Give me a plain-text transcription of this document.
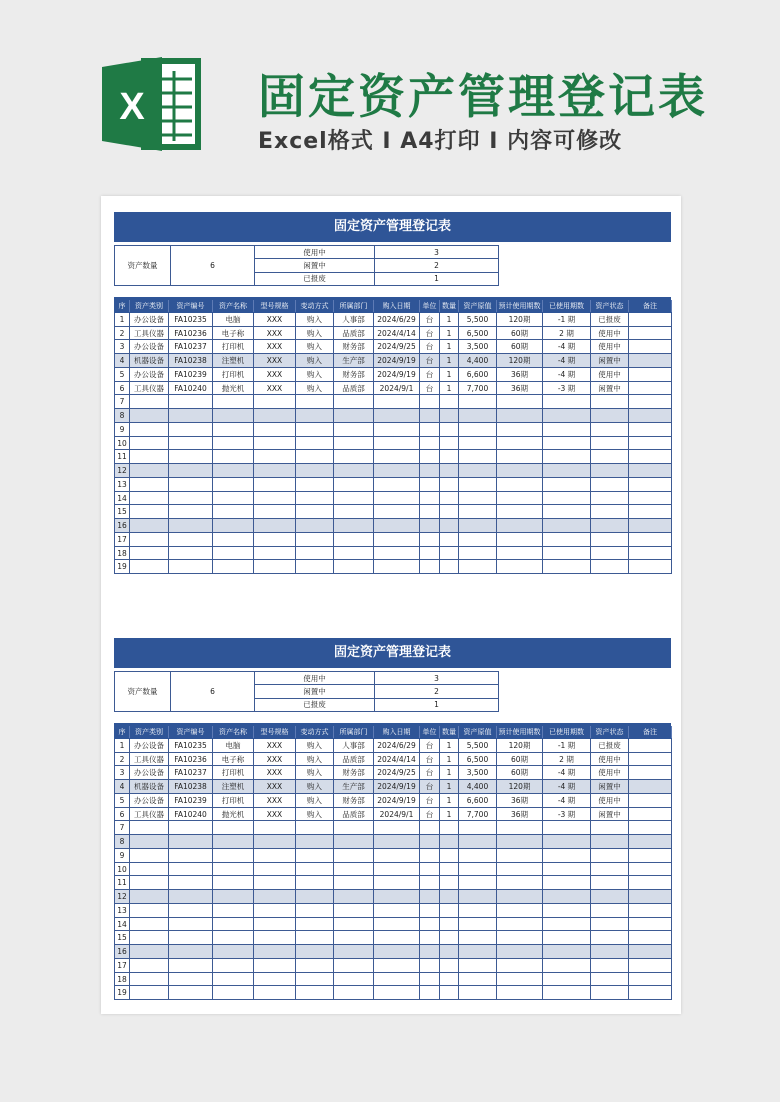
X 固定资产管理登记表
Excel格式 I A4打印 I 内容可修改
固定资产管理登记表
资产数量	6	使用中	3
		闲置中	2
		已报废	1
序	资产类别	资产编号	资产名称	型号规格	变动方式	所属部门	购入日期	单位	数量	资产原值	预计使用期数	已使用期数	资产状态	备注
1	办公设备	FA10235	电脑	XXX	购入	人事部	2024/6/29	台	1	5,500	120期	-1 期	已报废	
2	工具仪器	FA10236	电子称	XXX	购入	品质部	2024/4/14	台	1	6,500	60期	2 期	使用中	
3	办公设备	FA10237	打印机	XXX	购入	财务部	2024/9/25	台	1	3,500	60期	-4 期	使用中	
4	机器设备	FA10238	注塑机	XXX	购入	生产部	2024/9/19	台	1	4,400	120期	-4 期	闲置中	
5	办公设备	FA10239	打印机	XXX	购入	财务部	2024/9/19	台	1	6,600	36期	-4 期	使用中	
6	工具仪器	FA10240	抛光机	XXX	购入	品质部	2024/9/1	台	1	7,700	36期	-3 期	闲置中	
7														
8														
9														
10														
11														
12														
13														
14														
15														
16														
17														
18														
19														
固定资产管理登记表
资产数量	6	使用中	3
		闲置中	2
		已报废	1
序	资产类别	资产编号	资产名称	型号规格	变动方式	所属部门	购入日期	单位	数量	资产原值	预计使用期数	已使用期数	资产状态	备注
1	办公设备	FA10235	电脑	XXX	购入	人事部	2024/6/29	台	1	5,500	120期	-1 期	已报废	
2	工具仪器	FA10236	电子称	XXX	购入	品质部	2024/4/14	台	1	6,500	60期	2 期	使用中	
3	办公设备	FA10237	打印机	XXX	购入	财务部	2024/9/25	台	1	3,500	60期	-4 期	使用中	
4	机器设备	FA10238	注塑机	XXX	购入	生产部	2024/9/19	台	1	4,400	120期	-4 期	闲置中	
5	办公设备	FA10239	打印机	XXX	购入	财务部	2024/9/19	台	1	6,600	36期	-4 期	使用中	
6	工具仪器	FA10240	抛光机	XXX	购入	品质部	2024/9/1	台	1	7,700	36期	-3 期	闲置中	
7														
8														
9														
10														
11														
12														
13														
14														
15														
16														
17														
18														
19														
